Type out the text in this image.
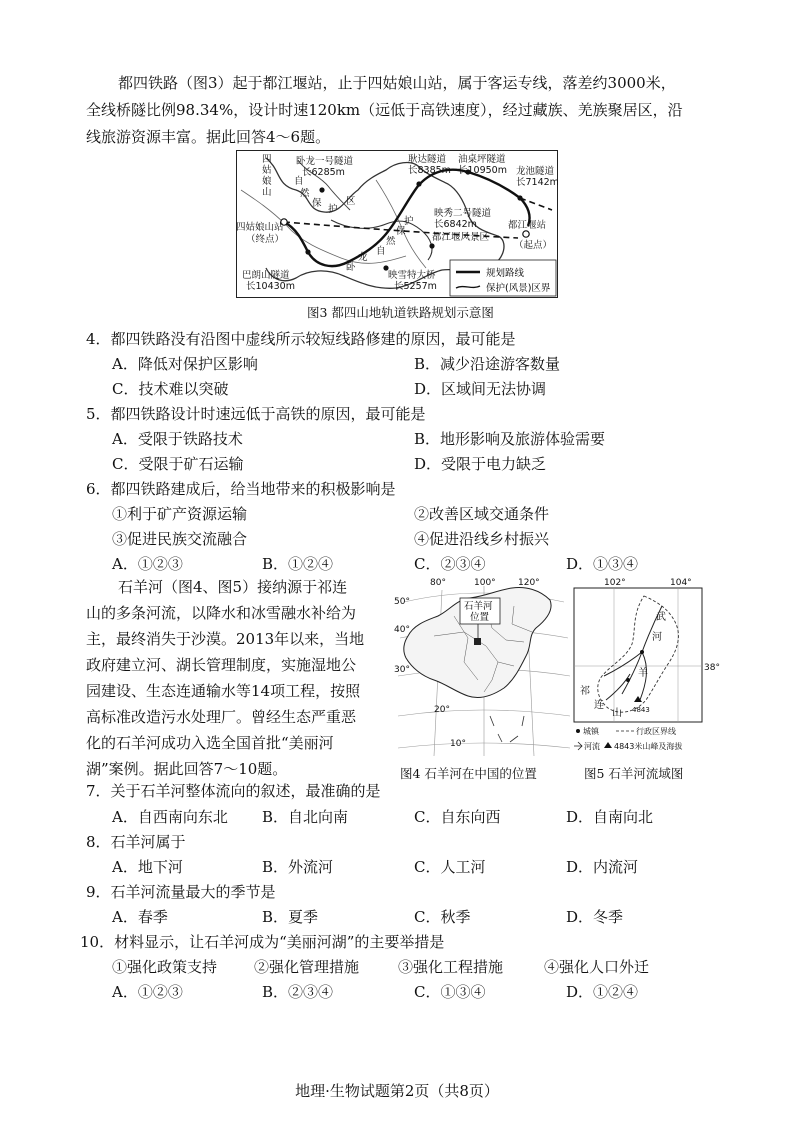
都四铁路（图3）起于都江堰站，止于四姑娘山站，属于客运专线，落差约3000米，
全线桥隧比例98.34%，设计时速120km（远低于高铁速度），经过藏族、羌族聚居区，沿
线旅游资源丰富。据此回答4～6题。
四
姑
娘
山
卧龙一号隧道
长6285m
自
然
保
护
区
耿达隧道
长8385m
油桌坪隧道
长10950m 龙池隧道
长7142m
映秀二号隧道
长6842m
四姑娘山站
（终点）	都江堰风景区
都江堰站
（起点）
巴朗山隧道
长10430m
卧
龙
自
然
保
护
映雪特大桥
长5257m
规划路线
保护(风景)区界
图3 都四山地轨道铁路规划示意图
4．都四铁路没有沿图中虚线所示较短线路修建的原因，最可能是
A．降低对保护区影响	B．减少沿途游客数量
C．技术难以突破	D．区域间无法协调
5．都四铁路设计时速远低于高铁的原因，最可能是
A．受限于铁路技术	B．地形影响及旅游体验需要
C．受限于矿石运输	D．受限于电力缺乏
6．都四铁路建成后，给当地带来的积极影响是
①利于矿产资源运输	②改善区域交通条件
③促进民族交流融合	④促进沿线乡村振兴
A．①②③	B．①②④	C．②③④	D．①③④
石羊河（图4、图5）接纳源于祁连
山的多条河流，以降水和冰雪融水补给为
主，最终消失于沙漠。2013年以来，当地
政府建立河、湖长管理制度，实施湿地公
园建设、生态连通输水等14项工程，按照
高标准改造污水处理厂。曾经生态严重恶
化的石羊河成功入选全国首批“美丽河
湖”案例。据此回答7～10题。
石羊河
位置
80°	100° 120°
50°
40°
30°
20°
10°
102°	104°
38°
祁
连
山 4843
武
河
羊
城镇	行政区界线
河流 4843米山峰及海拔
图4 石羊河在中国的位置	图5 石羊河流域图
7．关于石羊河整体流向的叙述，最准确的是
A．自西南向东北 B．自北向南	C．自东向西	D．自南向北
8．石羊河属于
A．地下河	B．外流河	C．人工河	D．内流河
9．石羊河流量最大的季节是
A．春季	B．夏季	C．秋季	D．冬季
10．材料显示，让石羊河成为“美丽河湖”的主要举措是
①强化政策支持 ②强化管理措施	③强化工程措施	④强化人口外迁
A．①②③	B．②③④	C．①③④	D．①②④
地理·生物试题第2页（共8页）
